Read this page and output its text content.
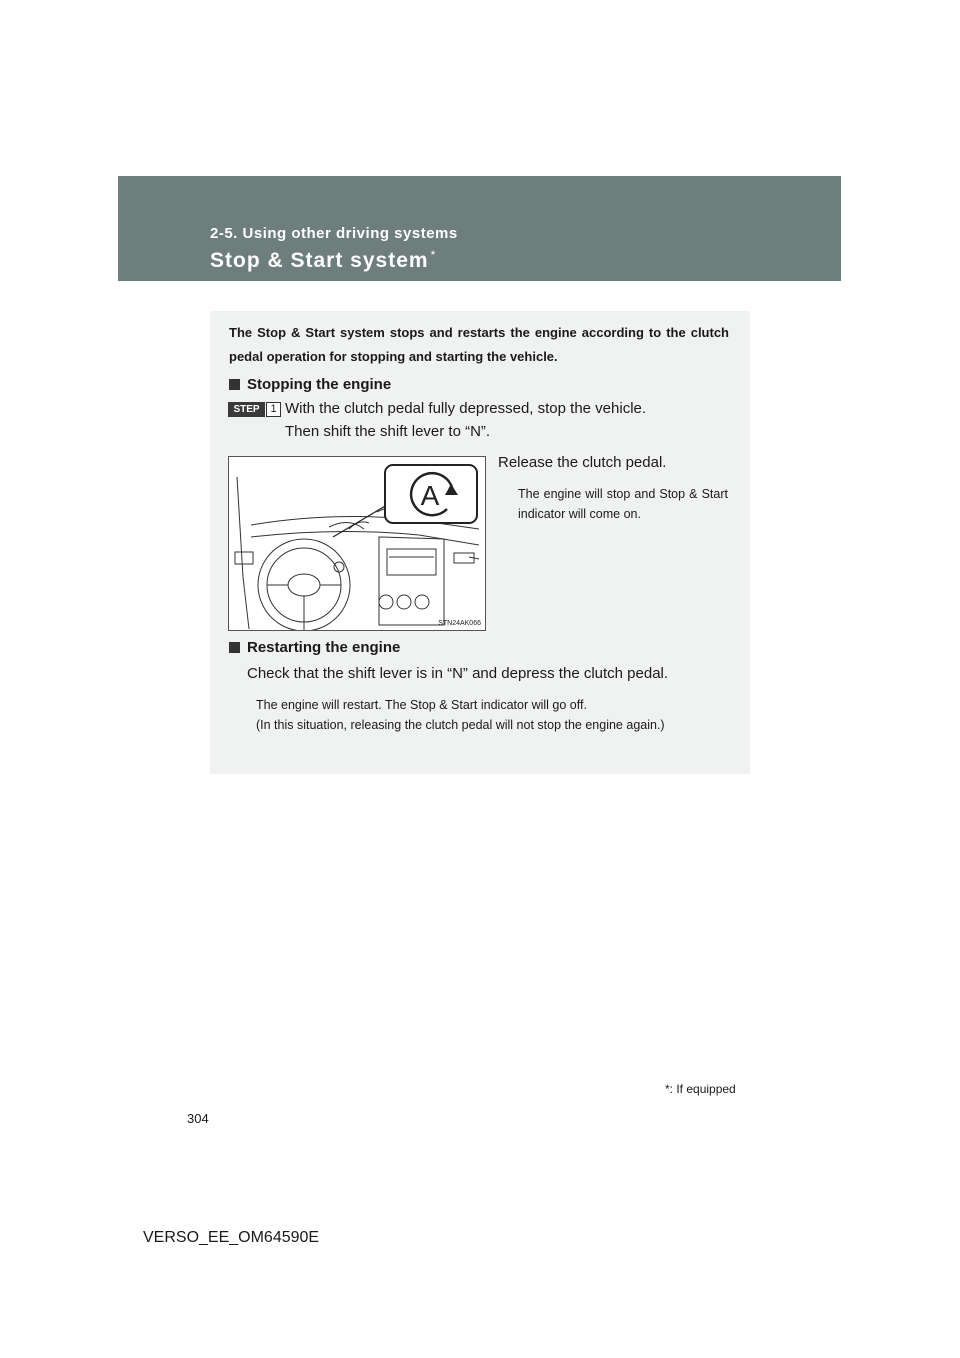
2-5. Using other driving systems
Stop & Start system *
The Stop & Start system stops and restarts the engine according to the clutch pedal operation for stopping and starting the vehicle.
Stopping the engine
STEP 1 With the clutch pedal fully depressed, stop the vehicle.
Then shift the shift lever to “N”.
A
STN24AK066
Release the clutch pedal.
The engine will stop and Stop & Start indicator will come on.
Restarting the engine
Check that the shift lever is in “N” and depress the clutch pedal.
The engine will restart. The Stop & Start indicator will go off.
(In this situation, releasing the clutch pedal will not stop the engine again.)
*: If equipped
304
VERSO_EE_OM64590E
